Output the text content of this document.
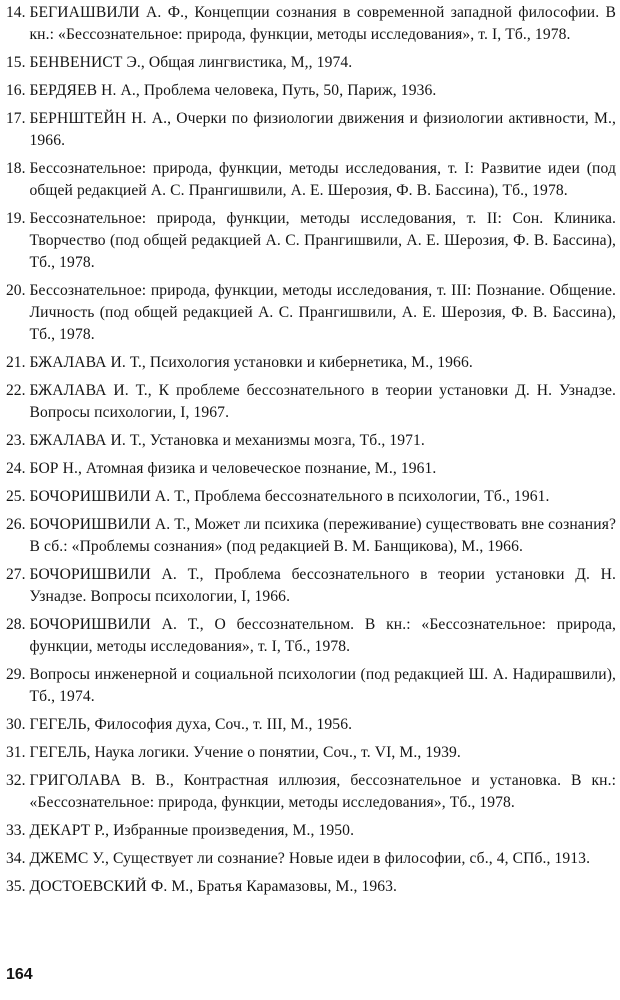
14. БЕГИАШВИЛИ А. Ф., Концепции сознания в современной западной философии. В кн.: «Бессознательное: природа, функции, методы исследования», т. I, Тб., 1978.
15. БЕНВЕНИСТ Э., Общая лингвистика, М,, 1974.
16. БЕРДЯЕВ Н. А., Проблема человека, Путь, 50, Париж, 1936.
17. БЕРНШТЕЙН Н. А., Очерки по физиологии движения и физиологии активности, М., 1966.
18. Бессознательное: природа, функции, методы исследования, т. I: Развитие идеи (под общей редакцией А. С. Прангишвили, А. Е. Шерозия, Ф. В. Бассина), Тб., 1978.
19. Бессознательное: природа, функции, методы исследования, т. II: Сон. Клиника. Творчество (под общей редакцией А. С. Прангишвили, А. Е. Шерозия, Ф. В. Бассина), Тб., 1978.
20. Бессознательное: природа, функции, методы исследования, т. III: Познание. Общение. Личность (под общей редакцией А. С. Прангишвили, А. Е. Шерозия, Ф. В. Бассина), Тб., 1978.
21. БЖАЛАВА И. Т., Психология установки и кибернетика, М., 1966.
22. БЖАЛАВА И. Т., К проблеме бессознательного в теории установки Д. Н. Узнадзе. Вопросы психологии, I, 1967.
23. БЖАЛАВА И. Т., Установка и механизмы мозга, Тб., 1971.
24. БОР Н., Атомная физика и человеческое познание, М., 1961.
25. БОЧОРИШВИЛИ А. Т., Проблема бессознательного в психологии, Тб., 1961.
26. БОЧОРИШВИЛИ А. Т., Может ли психика (переживание) существовать вне сознания? В сб.: «Проблемы сознания» (под редакцией В. М. Банщикова), М., 1966.
27. БОЧОРИШВИЛИ А. Т., Проблема бессознательного в теории установки Д. Н. Узнадзе. Вопросы психологии, I, 1966.
28. БОЧОРИШВИЛИ А. Т., О бессознательном. В кн.: «Бессознательное: природа, функции, методы исследования», т. I, Тб., 1978.
29. Вопросы инженерной и социальной психологии (под редакцией Ш. А. Надирашвили), Тб., 1974.
30. ГЕГЕЛЬ, Философия духа, Соч., т. III, М., 1956.
31. ГЕГЕЛЬ, Наука логики. Учение о понятии, Соч., т. VI, М., 1939.
32. ГРИГОЛАВА В. В., Контрастная иллюзия, бессознательное и установка. В кн.: «Бессознательное: природа, функции, методы исследования», Тб., 1978.
33. ДЕКАРТ Р., Избранные произведения, М., 1950.
34. ДЖЕМС У., Существует ли сознание? Новые идеи в философии, сб., 4, СПб., 1913.
35. ДОСТОЕВСКИЙ Ф. М., Братья Карамазовы, М., 1963.
164
